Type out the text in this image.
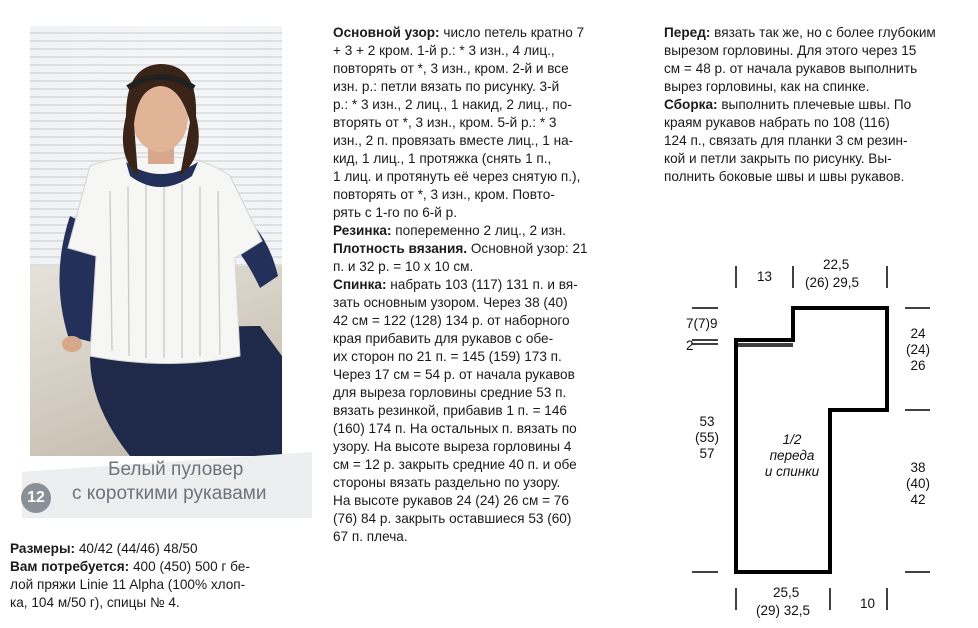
Белый пуловер
с короткими рукавами
12
Размеры: 40/42 (44/46) 48/50
Вам потребуется: 400 (450) 500 г бе-
лой пряжи Linie 11 Alpha (100% хлоп-
ка, 104 м/50 г), спицы № 4.
Основной узор: число петель кратно 7
+ 3 + 2 кром. 1-й р.: * 3 изн., 4 лиц.,
повторять от *, 3 изн., кром. 2-й и все
изн. р.: петли вязать по рисунку. 3-й
р.: * 3 изн., 2 лиц., 1 накид, 2 лиц., по-
вторять от *, 3 изн., кром. 5-й р.: * 3
изн., 2 п. провязать вместе лиц., 1 на-
кид, 1 лиц., 1 протяжка (снять 1 п.,
1 лиц. и протянуть её через снятую п.),
повторять от *, 3 изн., кром. Повто-
рять с 1-го по 6-й р.
Резинка: попеременно 2 лиц., 2 изн.
Плотность вязания. Основной узор: 21
п. и 32 р. = 10 x 10 см.
Спинка: набрать 103 (117) 131 п. и вя-
зать основным узором. Через 38 (40)
42 см = 122 (128) 134 р. от наборного
края прибавить для рукавов с обе-
их сторон по 21 п. = 145 (159) 173 п.
Через 17 см = 54 р. от начала рукавов
для выреза горловины средние 53 п.
вязать резинкой, прибавив 1 п. = 146
(160) 174 п. На остальных п. вязать по
узору. На высоте выреза горловины 4
см = 12 р. закрыть средние 40 п. и обе
стороны вязать раздельно по узору.
На высоте рукавов 24 (24) 26 см = 76
(76) 84 р. закрыть оставшиеся 53 (60)
67 п. плеча.
Перед: вязать так же, но с более глубоким
вырезом горловины. Для этого через 15
см = 48 р. от начала рукавов выполнить
вырез горловины, как на спинке.
Сборка: выполнить плечевые швы. По
краям рукавов набрать по 108 (116)
124 п., связать для планки 3 см резин-
кой и петли закрыть по рисунку. Вы-
полнить боковые швы и швы рукавов.
13
22,5
(26) 29,5
7(7)9
2
53
(55)
57
1/2
переда
и спинки
24
(24)
26
38
(40)
42
25,5
(29) 32,5	10
